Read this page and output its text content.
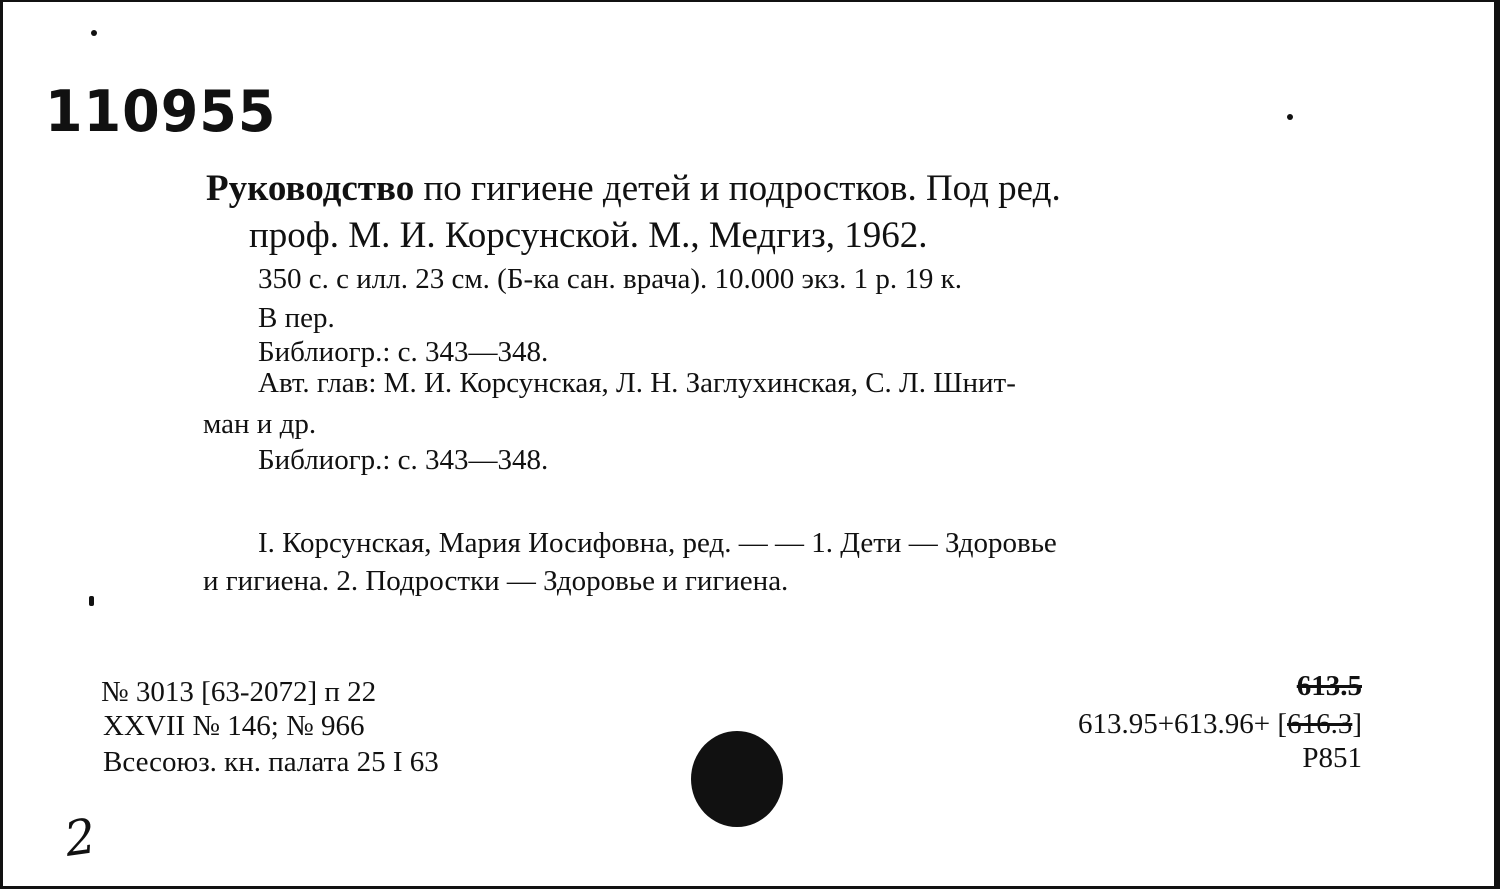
110955
Руководство по гигиене детей и подростков. Под ред.
проф. М. И. Корсунской. М., Медгиз, 1962.
350 с. с илл. 23 см. (Б-ка сан. врача). 10.000 экз. 1 р. 19 к.
В пер.
Библиогр.: с. 343—348.
Авт. глав: М. И. Корсунская, Л. Н. Заглухинская, С. Л. Шнит-
ман и др.
Библиогр.: с. 343—348.
I. Корсунская, Мария Иосифовна, ред. — — 1. Дети — Здоровье
и гигиена. 2. Подростки — Здоровье и гигиена.
№ 3013 [63-2072] п 22
XXVII № 146; № 966
Всесоюз. кн. палата 25 I 63
613.5
613.95+613.96+ [616.3]
Р851
2
